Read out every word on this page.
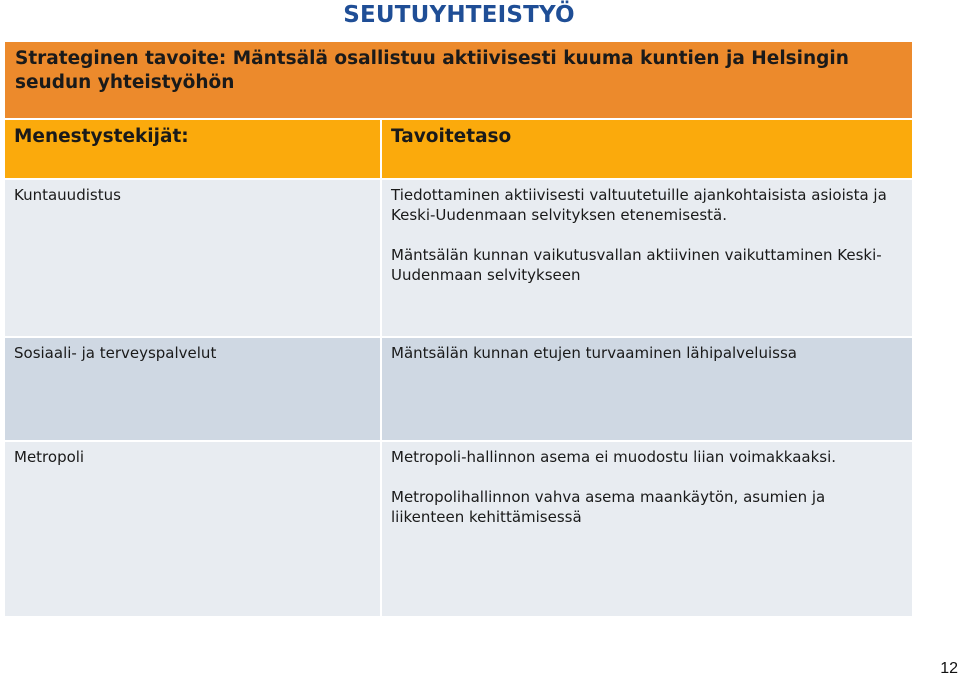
SEUTUYHTEISTYÖ
Strateginen tavoite: Mäntsälä osallistuu aktiivisesti kuuma kuntien ja Helsingin seudun yhteistyöhön
Menestystekijät:	Tavoitetaso
Kuntauudistus	Tiedottaminen aktiivisesti valtuutetuille ajankohtaisista asioista ja Keski-Uudenmaan selvityksen etenemisestä.
Mäntsälän kunnan vaikutusvallan aktiivinen vaikuttaminen Keski-Uudenmaan selvitykseen
Sosiaali- ja terveyspalvelut	Mäntsälän kunnan etujen turvaaminen lähipalveluissa
Metropoli	Metropoli-hallinnon asema ei muodostu liian voimakkaaksi.
Metropolihallinnon vahva asema maankäytön, asumien ja liikenteen kehittämisessä
12
